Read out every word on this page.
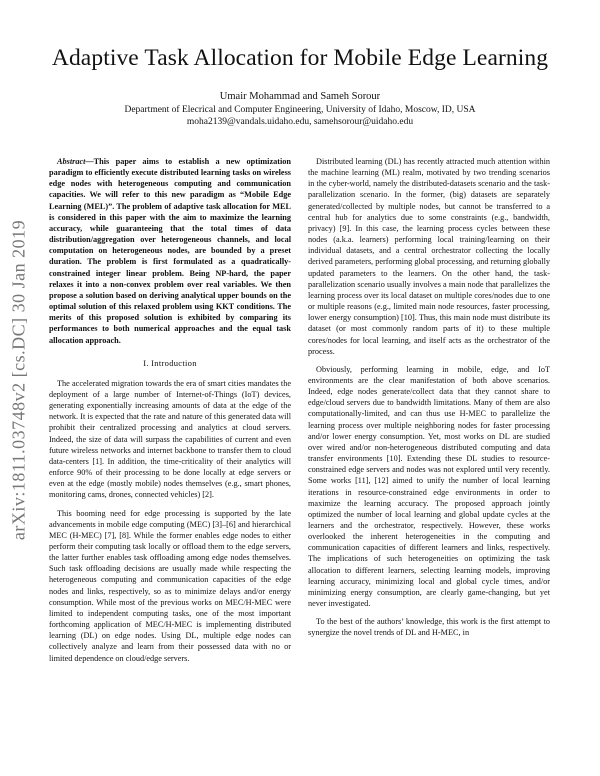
Adaptive Task Allocation for Mobile Edge Learning
Umair Mohammad and Sameh Sorour
Department of Elecrical and Computer Engineering, University of Idaho, Moscow, ID, USA
moha2139@vandals.uidaho.edu, samehsorour@uidaho.edu
arXiv:1811.03748v2 [cs.DC] 30 Jan 2019

Abstract—This paper aims to establish a new optimization paradigm to efficiently execute distributed learning tasks on wireless edge nodes with heterogeneous computing and communication capacities. We will refer to this new paradigm as “Mobile Edge Learning (MEL)”. The problem of adaptive task allocation for MEL is considered in this paper with the aim to maximize the learning accuracy, while guaranteeing that the total times of data distribution/aggregation over heterogeneous channels, and local computation on heterogeneous nodes, are bounded by a preset duration. The problem is first formulated as a quadratically-constrained integer linear problem. Being NP-hard, the paper relaxes it into a non-convex problem over real variables. We then propose a solution based on deriving analytical upper bounds on the optimal solution of this relaxed problem using KKT conditions. The merits of this proposed solution is exhibited by comparing its performances to both numerical approaches and the equal task allocation approach.

I. Introduction

The accelerated migration towards the era of smart cities mandates the deployment of a large number of Internet-of-Things (IoT) devices, generating exponentially increasing amounts of data at the edge of the network. It is expected that the rate and nature of this generated data will prohibit their centralized processing and analytics at cloud servers. Indeed, the size of data will surpass the capabilities of current and even future wireless networks and internet backbone to transfer them to cloud data-centers [1]. In addition, the time-criticality of their analytics will enforce 90% of their processing to be done locally at edge servers or even at the edge (mostly mobile) nodes themselves (e.g., smart phones, monitoring cams, drones, connected vehicles) [2].

This booming need for edge processing is supported by the late advancements in mobile edge computing (MEC) [3]–[6] and hierarchical MEC (H-MEC) [7], [8]. While the former enables edge nodes to either perform their computing task locally or offload them to the edge servers, the latter further enables task offloading among edge nodes themselves. Such task offloading decisions are usually made while respecting the heterogeneous computing and communication capacities of the edge nodes and links, respectively, so as to minimize delays and/or energy consumption. While most of the previous works on MEC/H-MEC were limited to independent computing tasks, one of the most important forthcoming application of MEC/H-MEC is implementing distributed learning (DL) on edge nodes. Using DL, multiple edge nodes can collectively analyze and learn from their possessed data with no or limited dependence on cloud/edge servers.

Distributed learning (DL) has recently attracted much attention within the machine learning (ML) realm, motivated by two trending scenarios in the cyber-world, namely the distributed-datasets scenario and the task-parallelization scenario. In the former, (big) datasets are separately generated/collected by multiple nodes, but cannot be transferred to a central hub for analytics due to some constraints (e.g., bandwidth, privacy) [9]. In this case, the learning process cycles between these nodes (a.k.a. learners) performing local training/learning on their individual datasets, and a central orchestrator collecting the locally derived parameters, performing global processing, and returning globally updated parameters to the learners. On the other hand, the task-parallelization scenario usually involves a main node that parallelizes the learning process over its local dataset on multiple cores/nodes due to one or multiple reasons (e.g., limited main node resources, faster processing, lower energy consumption) [10]. Thus, this main node must distribute its dataset (or most commonly random parts of it) to these multiple cores/nodes for local learning, and itself acts as the orchestrator of the process.

Obviously, performing learning in mobile, edge, and IoT environments are the clear manifestation of both above scenarios. Indeed, edge nodes generate/collect data that they cannot share to edge/cloud servers due to bandwidth limitations. Many of them are also computationally-limited, and can thus use H-MEC to parallelize the learning process over multiple neighboring nodes for faster processing and/or lower energy consumption. Yet, most works on DL are studied over wired and/or non-heterogeneous distributed computing and data transfer environments [10]. Extending these DL studies to resource-constrained edge servers and nodes was not explored until very recently. Some works [11], [12] aimed to unify the number of local learning iterations in resource-constrained edge environments in order to maximize the learning accuracy. The proposed approach jointly optimized the number of local learning and global update cycles at the learners and the orchestrator, respectively. However, these works overlooked the inherent heterogeneities in the computing and communication capacities of different learners and links, respectively. The implications of such heterogeneities on optimizing the task allocation to different learners, selecting learning models, improving learning accuracy, minimizing local and global cycle times, and/or minimizing energy consumption, are clearly game-changing, but yet never investigated.

To the best of the authors’ knowledge, this work is the first attempt to synergize the novel trends of DL and H-MEC, in
